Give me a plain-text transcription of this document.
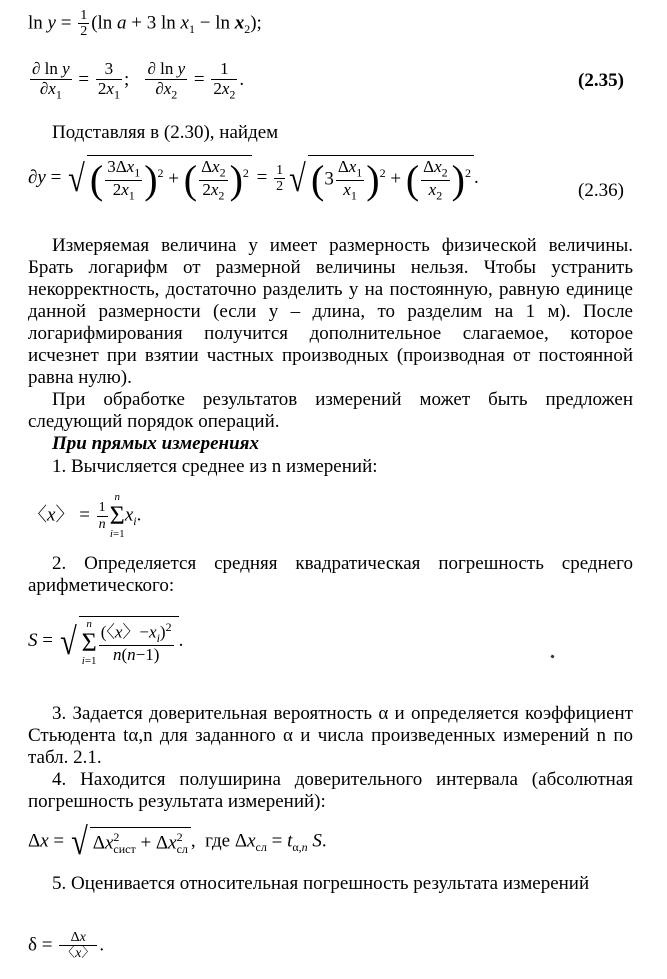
$\ln y = \frac{1}{2} (\ln$ a + 3 $\ln x_1 - \ln x_2$);
$\frac{\text{∂ ln y}}{\partial x_1} = \frac{3}{2x_1}$ ; $\frac{\text{∂ ln y}}{\partial x_2} = \frac{1}{2x_2}$ .	(2.35)
Подставляя в (2.30), найдем
∂y = √ ( $\frac{3\Delta x_1}{2x_1} )^2$ + ( $\frac{\Delta x_2}{2x_2} )^2 = \frac{1}{2}$ √ $(3 \frac{\Delta x_1}{x_1} )^2$ + ( $\frac{\Delta x_2}{x_2} )^2$ .
(2.36)
Измеряемая величина y имеет размерность физической величины. Брать логарифм от размерной величины нельзя. Чтобы устранить некорректность, достаточно разделить y на постоянную, равную единице данной размерности (если y – длина, то разделим на 1 м). После логарифмирования получится дополнительное слагаемое, которое исчезнет при взятии частных производных (производная от постоянной равна нулю).
При обработке результатов измерений может быть предложен следующий порядок операций.
При прямых измерениях
1. Вычисляется среднее из n измерений:
〈x〉 = $\frac{1}{n}$
n
Σ
i=1
$x_i$.
2. Определяется средняя квадратическая погрешность среднего арифметического:
S = √ n
Σ
$i=1 \frac{(〈x〉-x_i)^2}{n(n-1)}$ .
3. Задается доверительная вероятность α и определяется коэффициент Стьюдента tα,n для заданного α и числа произведенных измерений n по табл. 2.1.
4. Находится полуширина доверительного интервала (абсолютная погрешность результата измерений):
Δx = √ $\Delta x^2_{сист} + \Delta x^2_{сл}$ ,  где $\Delta x_{сл} = t_{\alpha,n}$ S.
5. Оценивается относительная погрешность результата измерений
$\delta = \frac{\Delta x}{〈x〉}$ .
